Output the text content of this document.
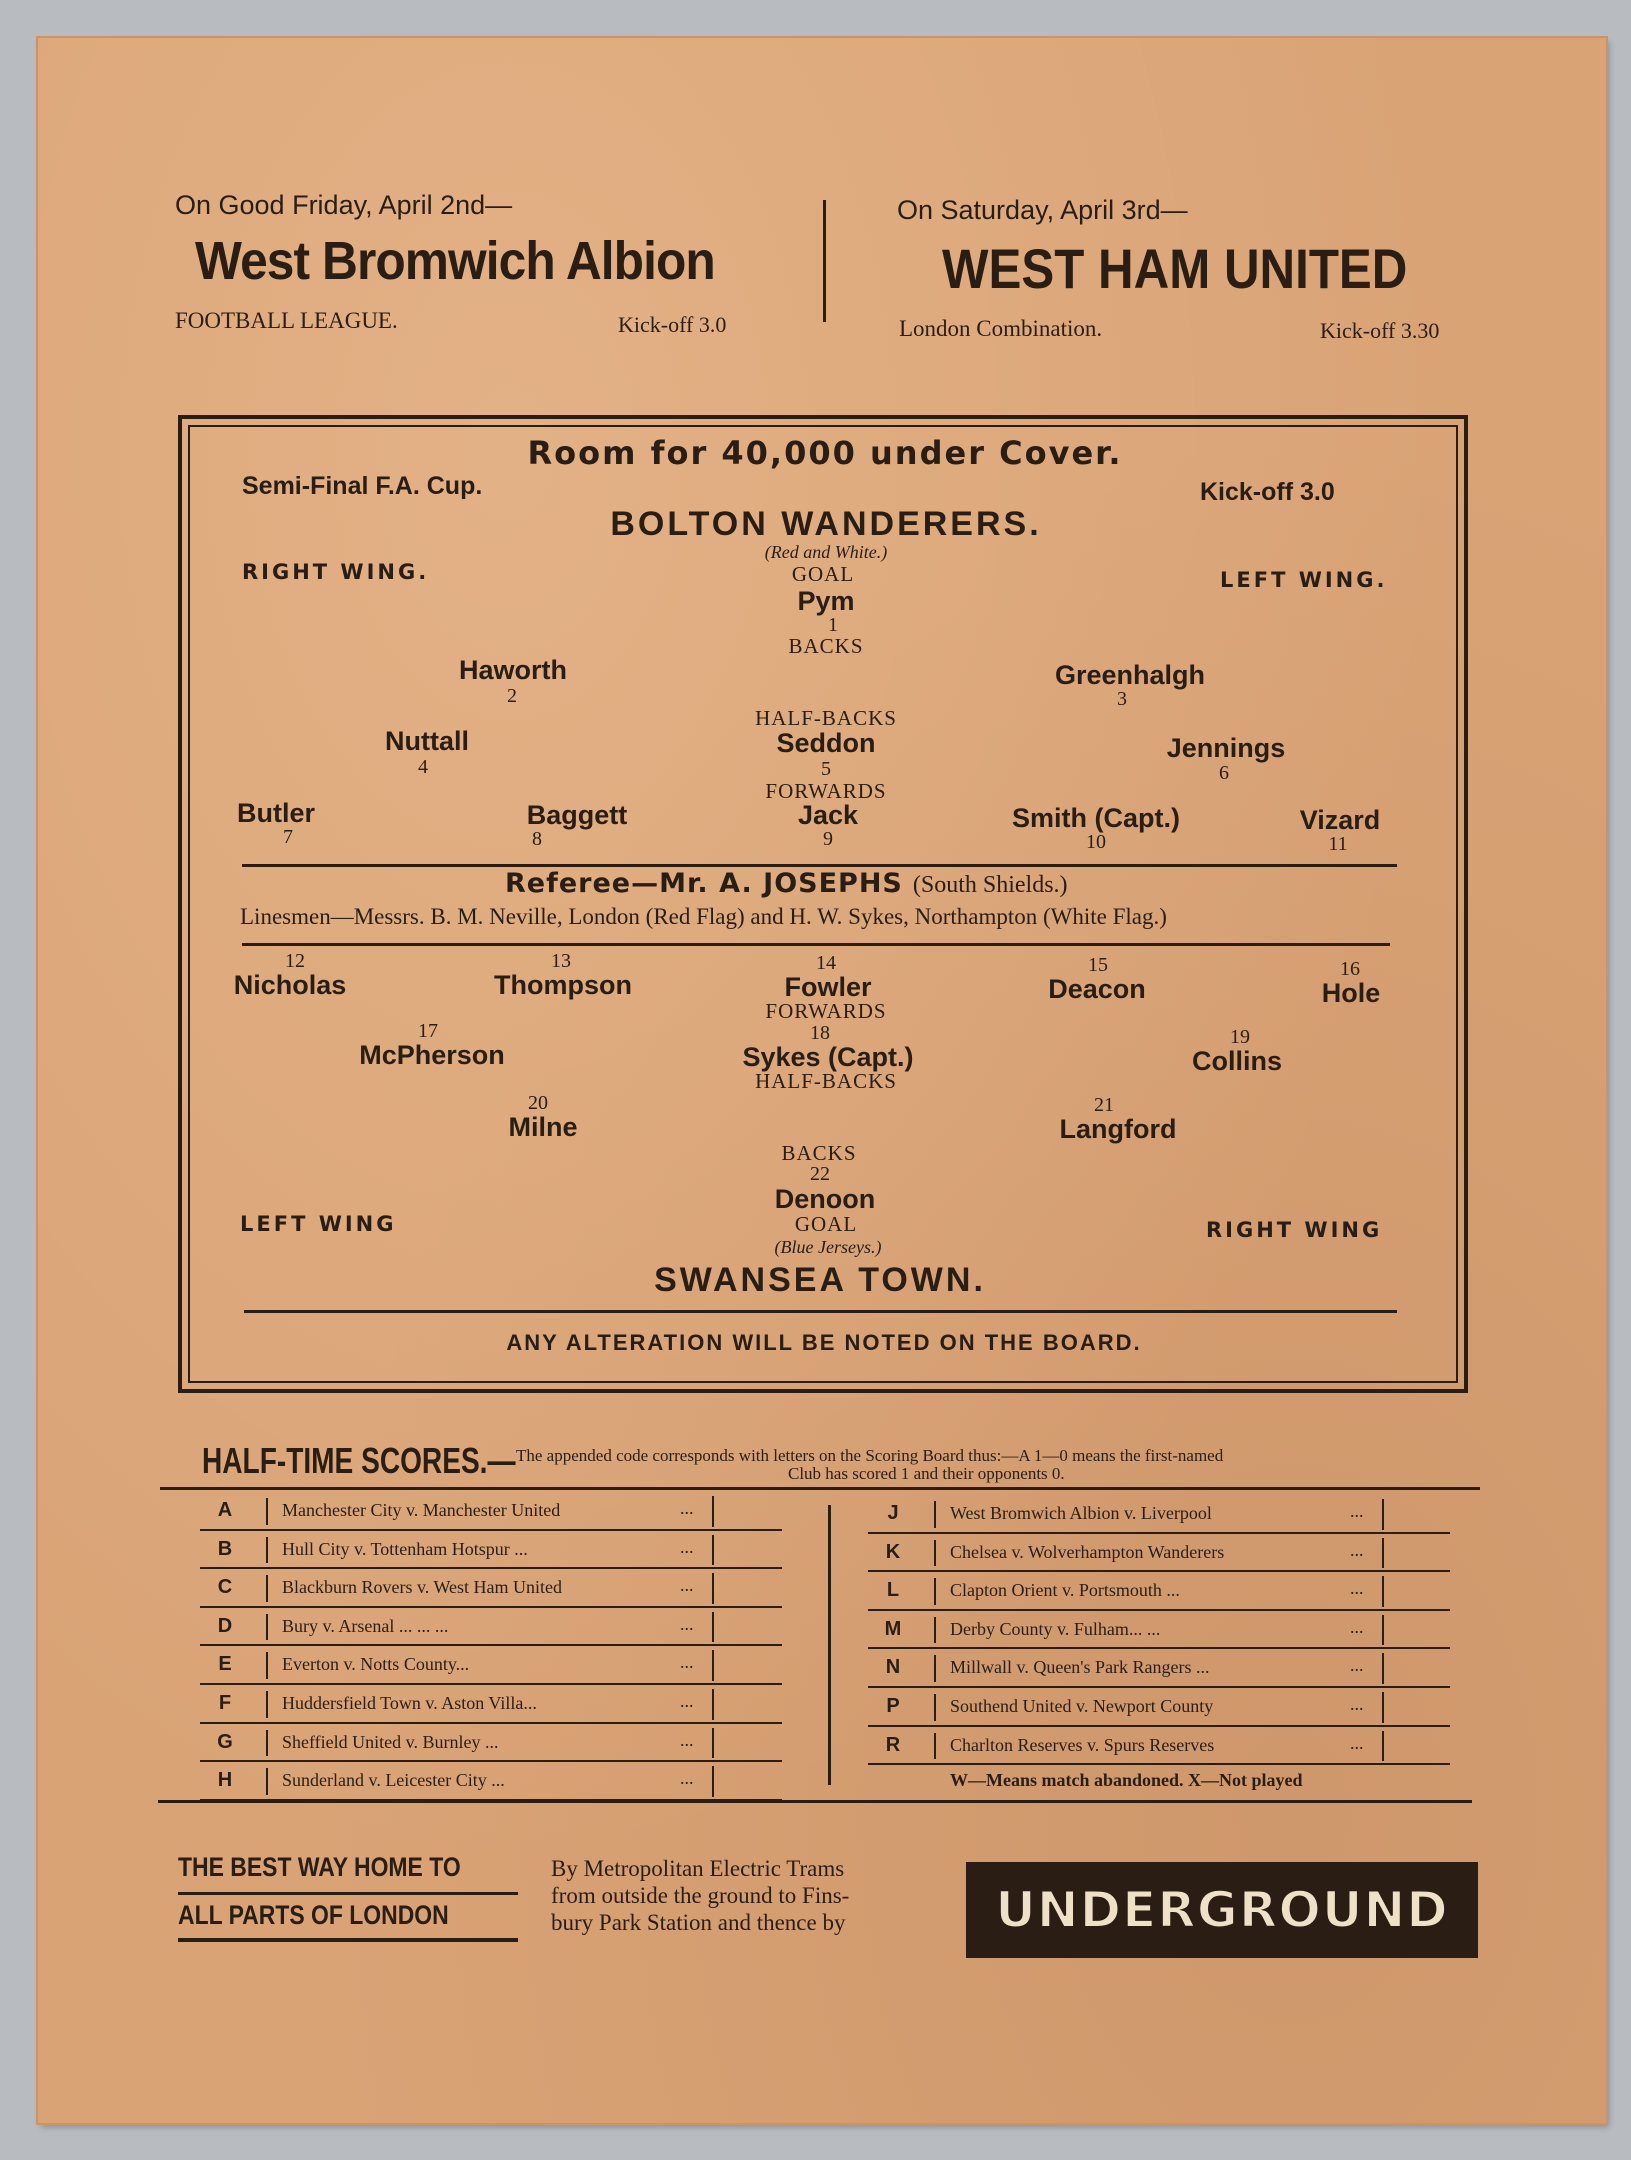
On Good Friday, April 2nd—
West Bromwich Albion
FOOTBALL LEAGUE.	Kick-off 3.0
On Saturday, April 3rd—
WEST HAM UNITED
London Combination.	Kick-off 3.30
Room for 40,000 under Cover.
Semi-Final F.A. Cup.	Kick-off 3.0
BOLTON WANDERERS.
(Red and White.)
RIGHT WING.	LEFT WING.
GOAL
Pym
1
BACKS
Haworth
2
Greenhalgh
3
HALF-BACKS
Nuttall
4
Seddon
5
Jennings
6
FORWARDS
Butler
7
Baggett
8
Jack
9
Smith (Capt.)
10
Vizard
11
Referee—Mr. A. JOSEPHS (South Shields.)
Linesmen—Messrs. B. M. Neville, London (Red Flag) and H. W. Sykes, Northampton (White Flag.)
12
Nicholas
13
Thompson
14
Fowler
15
Deacon
16
Hole
FORWARDS
17
McPherson
18
Sykes (Capt.)
19
Collins
HALF-BACKS
20
Milne
21
Langford
BACKS
22
Denoon
GOAL
(Blue Jerseys.)
LEFT WING	RIGHT WING
SWANSEA TOWN.
ANY ALTERATION WILL BE NOTED ON THE BOARD.
HALF-TIME SCORES.— The appended code corresponds with letters on the Scoring Board thus:—A 1—0 means the first-named
Club has scored 1 and their opponents 0.
A	Manchester City v. Manchester United	...
B	Hull City v. Tottenham Hotspur ...	...
C	Blackburn Rovers v. West Ham United	...
D	Bury v. Arsenal ... ... ...	...
E	Everton v. Notts County...	...
F	Huddersfield Town v. Aston Villa...	...
G	Sheffield United v. Burnley ...	...
H	Sunderland v. Leicester City ...	...
J	West Bromwich Albion v. Liverpool	...
K	Chelsea v. Wolverhampton Wanderers	...
L	Clapton Orient v. Portsmouth ...	...
M	Derby County v. Fulham... ...	...
N	Millwall v. Queen's Park Rangers ...	...
P	Southend United v. Newport County	...
R	Charlton Reserves v. Spurs Reserves	...
W—Means match abandoned. X—Not played
THE BEST WAY HOME TO
ALL PARTS OF LONDON
By Metropolitan Electric Trams
from outside the ground to Fins-
bury Park Station and thence by	UNDERGROUND
